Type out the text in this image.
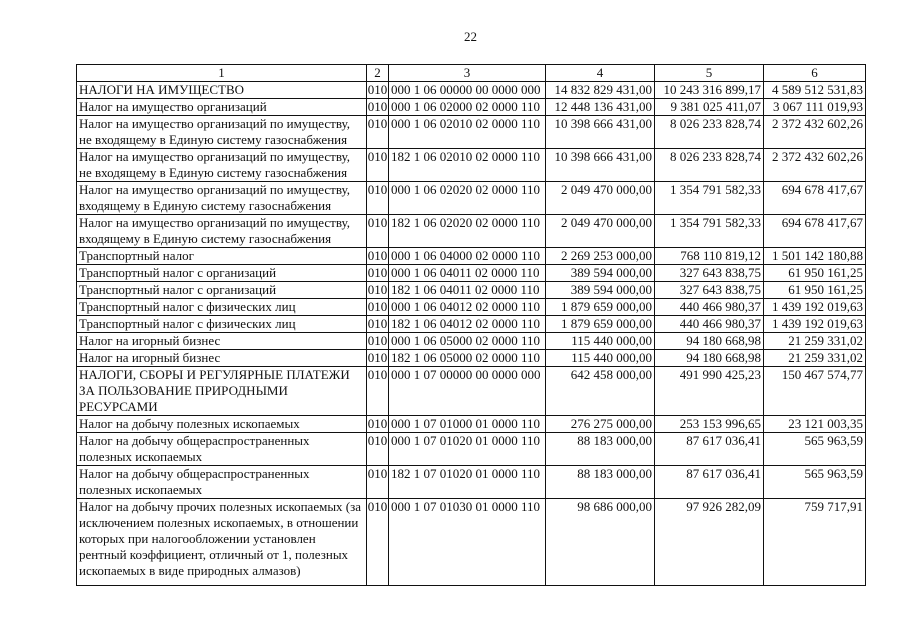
22
1	2	3	4	5	6
НАЛОГИ НА ИМУЩЕСТВО	010	000 1 06 00000 00 0000 000	14 832 829 431,00	10 243 316 899,17	4 589 512 531,83
Налог на имущество организаций	010	000 1 06 02000 02 0000 110	12 448 136 431,00	9 381 025 411,07	3 067 111 019,93
Налог на имущество организаций по имуществу,
не входящему в Единую систему газоснабжения	010	000 1 06 02010 02 0000 110	10 398 666 431,00	8 026 233 828,74	2 372 432 602,26
Налог на имущество организаций по имуществу,
не входящему в Единую систему газоснабжения	010	182 1 06 02010 02 0000 110	10 398 666 431,00	8 026 233 828,74	2 372 432 602,26
Налог на имущество организаций по имуществу,
входящему в Единую систему газоснабжения	010	000 1 06 02020 02 0000 110	2 049 470 000,00	1 354 791 582,33	694 678 417,67
Налог на имущество организаций по имуществу,
входящему в Единую систему газоснабжения	010	182 1 06 02020 02 0000 110	2 049 470 000,00	1 354 791 582,33	694 678 417,67
Транспортный налог	010	000 1 06 04000 02 0000 110	2 269 253 000,00	768 110 819,12	1 501 142 180,88
Транспортный налог с организаций	010	000 1 06 04011 02 0000 110	389 594 000,00	327 643 838,75	61 950 161,25
Транспортный налог с организаций	010	182 1 06 04011 02 0000 110	389 594 000,00	327 643 838,75	61 950 161,25
Транспортный налог с физических лиц	010	000 1 06 04012 02 0000 110	1 879 659 000,00	440 466 980,37	1 439 192 019,63
Транспортный налог с физических лиц	010	182 1 06 04012 02 0000 110	1 879 659 000,00	440 466 980,37	1 439 192 019,63
Налог на игорный бизнес	010	000 1 06 05000 02 0000 110	115 440 000,00	94 180 668,98	21 259 331,02
Налог на игорный бизнес	010	182 1 06 05000 02 0000 110	115 440 000,00	94 180 668,98	21 259 331,02
НАЛОГИ, СБОРЫ И РЕГУЛЯРНЫЕ ПЛАТЕЖИ
ЗА ПОЛЬЗОВАНИЕ ПРИРОДНЫМИ
РЕСУРСАМИ	010	000 1 07 00000 00 0000 000	642 458 000,00	491 990 425,23	150 467 574,77
Налог на добычу полезных ископаемых	010	000 1 07 01000 01 0000 110	276 275 000,00	253 153 996,65	23 121 003,35
Налог на добычу общераспространенных
полезных ископаемых	010	000 1 07 01020 01 0000 110	88 183 000,00	87 617 036,41	565 963,59
Налог на добычу общераспространенных
полезных ископаемых	010	182 1 07 01020 01 0000 110	88 183 000,00	87 617 036,41	565 963,59
Налог на добычу прочих полезных ископаемых (за
исключением полезных ископаемых, в отношении
которых при налогообложении установлен
рентный коэффициент, отличный от 1, полезных
ископаемых в виде природных алмазов)	010	000 1 07 01030 01 0000 110	98 686 000,00	97 926 282,09	759 717,91
